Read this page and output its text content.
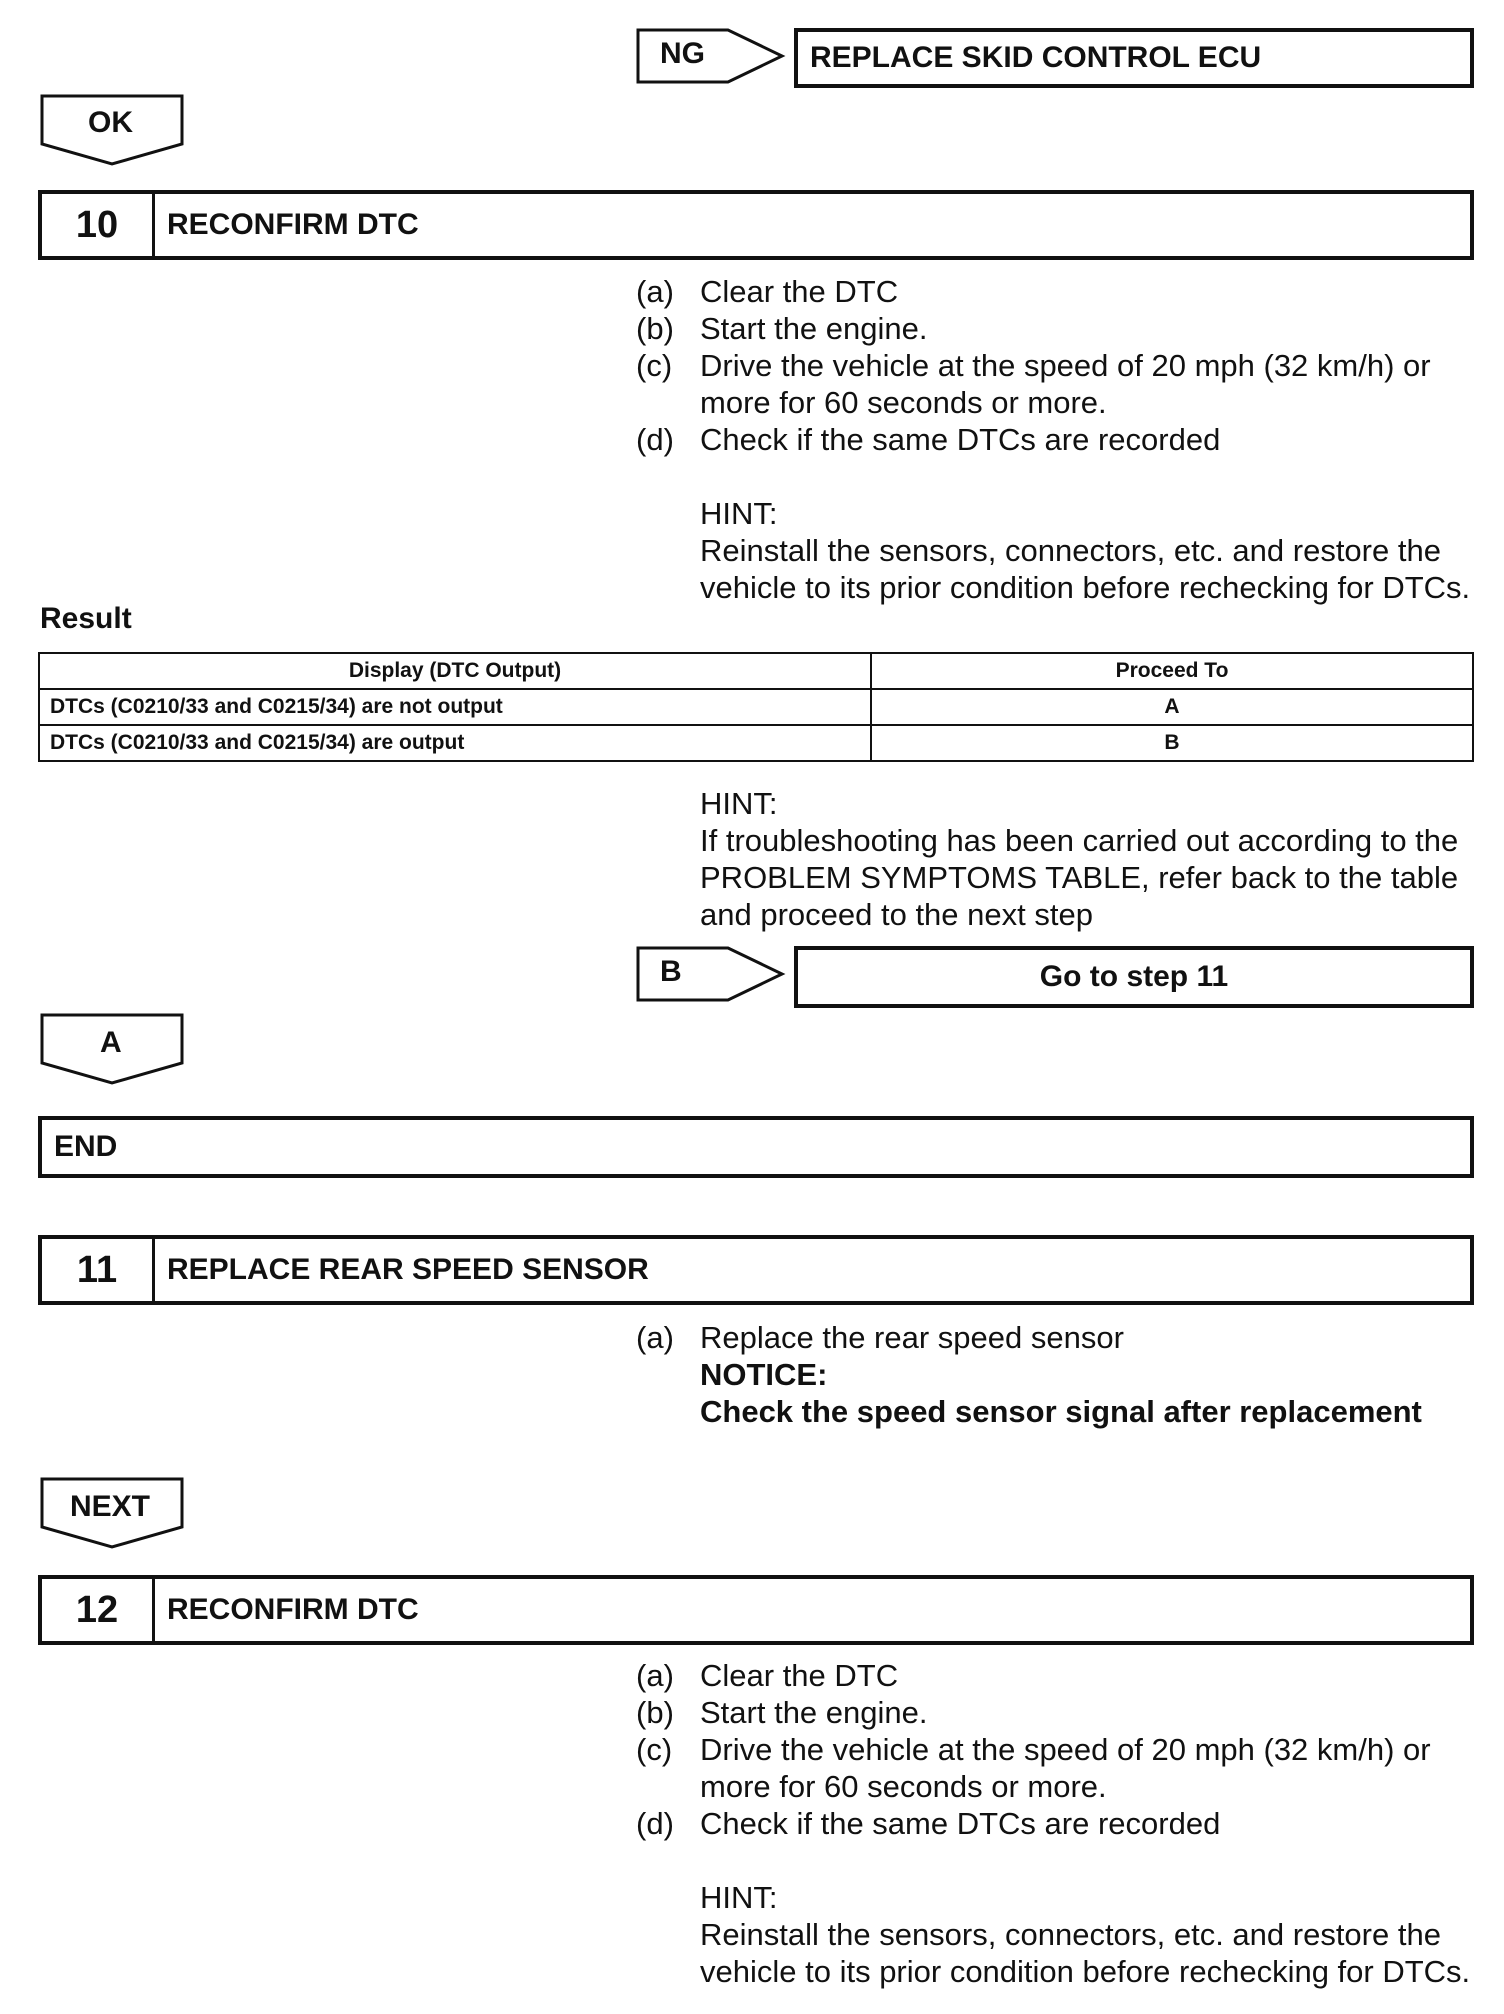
NG	REPLACE SKID CONTROL ECU
OK
10	RECONFIRM DTC
(a) Clear the DTC
(b) Start the engine.
(c) Drive the vehicle at the speed of 20 mph (32 km/h) or
more for 60 seconds or more.
(d) Check if the same DTCs are recorded
HINT:
Reinstall the sensors, connectors, etc. and restore the
vehicle to its prior condition before rechecking for DTCs.
Result
Display (DTC Output)	Proceed To
DTCs (C0210/33 and C0215/34) are not output	A
DTCs (C0210/33 and C0215/34) are output	B
HINT:
If troubleshooting has been carried out according to the
PROBLEM SYMPTOMS TABLE, refer back to the table
and proceed to the next step
B	Go to step 11
A
END
11	REPLACE REAR SPEED SENSOR
(a) Replace the rear speed sensor
NOTICE:
Check the speed sensor signal after replacement
NEXT
12	RECONFIRM DTC
(a) Clear the DTC
(b) Start the engine.
(c) Drive the vehicle at the speed of 20 mph (32 km/h) or
more for 60 seconds or more.
(d) Check if the same DTCs are recorded
HINT:
Reinstall the sensors, connectors, etc. and restore the
vehicle to its prior condition before rechecking for DTCs.
